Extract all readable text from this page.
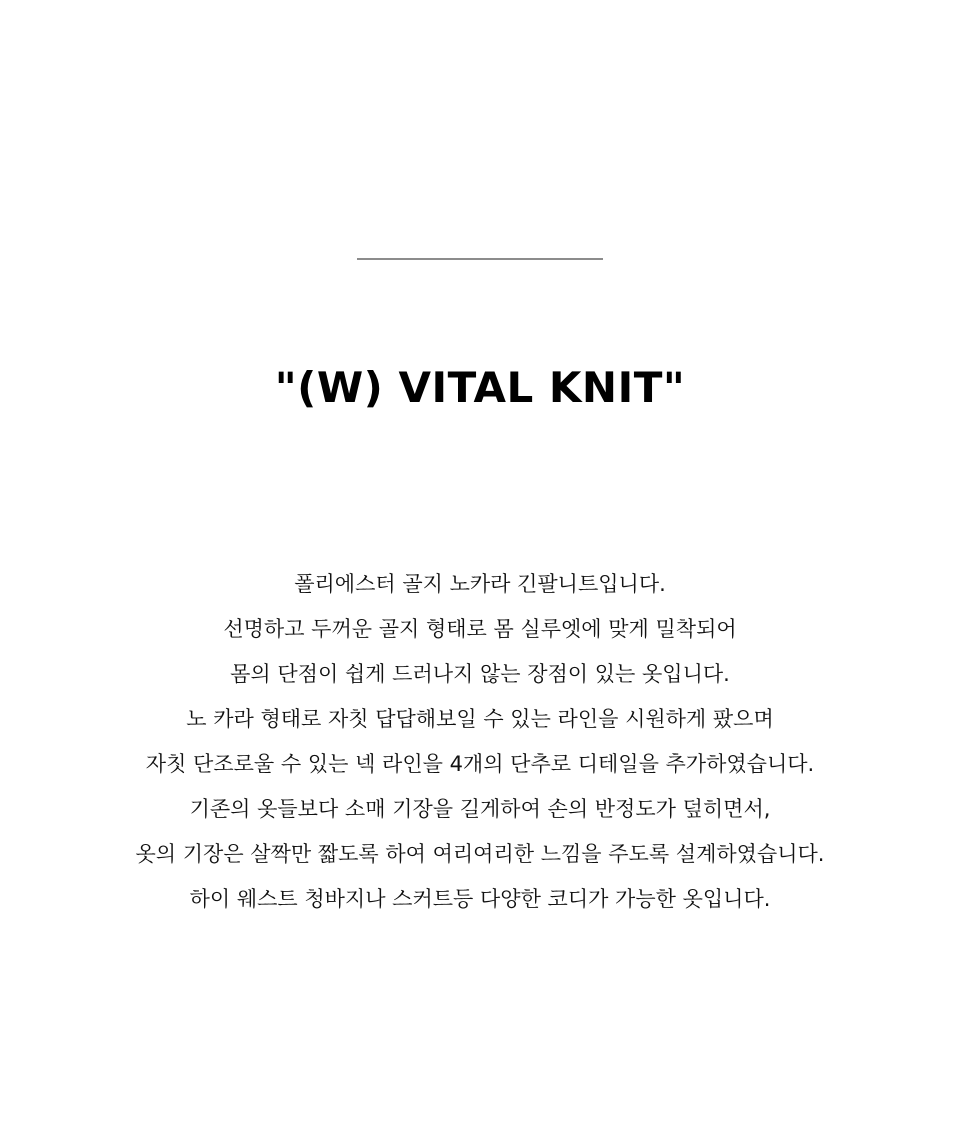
"(W) VITAL KNIT"
폴리에스터 골지 노카라 긴팔니트입니다.
선명하고 두꺼운 골지 형태로 몸 실루엣에 맞게 밀착되어
몸의 단점이 쉽게 드러나지 않는 장점이 있는 옷입니다.
노 카라 형태로 자칫 답답해보일 수 있는 라인을 시원하게 팠으며
자칫 단조로울 수 있는 넥 라인을 4개의 단추로 디테일을 추가하였습니다.
기존의 옷들보다 소매 기장을 길게하여 손의 반정도가 덮히면서,
옷의 기장은 살짝만 짧도록 하여 여리여리한 느낌을 주도록 설계하였습니다.
하이 웨스트 청바지나 스커트등 다양한 코디가 가능한 옷입니다.
